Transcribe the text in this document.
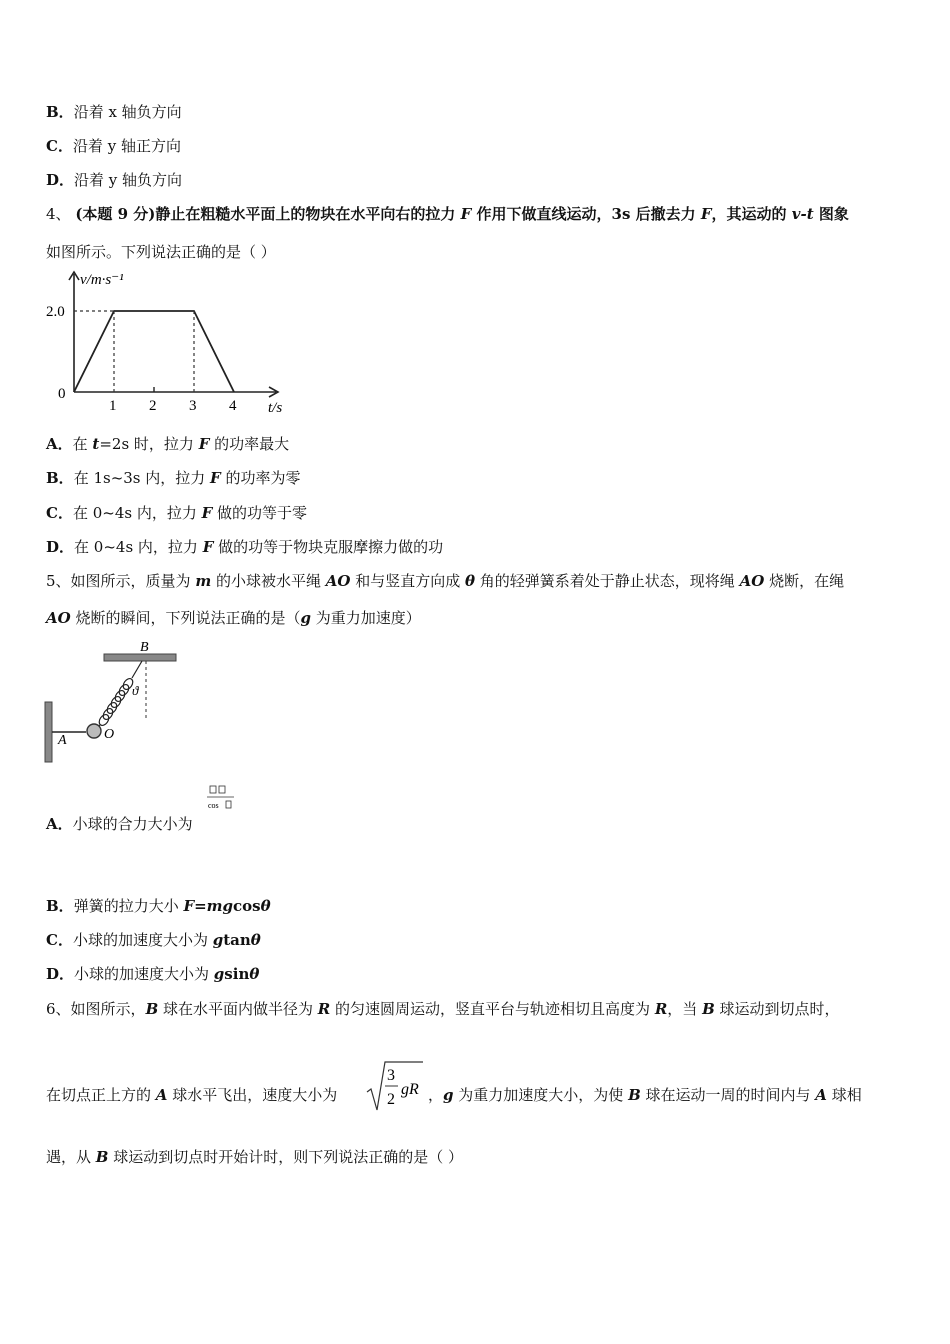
B．沿着 x 轴负方向
C．沿着 y 轴正方向
D．沿着 y 轴负方向
4、 (本题 9 分)静止在粗糙水平面上的物块在水平向右的拉力 F 作用下做直线运动，3s 后撤去力 F，其运动的 v-t 图象
如图所示。下列说法正确的是（ ）
v/m·s⁻¹
2.0
0
1 2 3 4 t/s
A．在 t=2s 时，拉力 F 的功率最大
B．在 1s~3s 内，拉力 F 的功率为零
C．在 0~4s 内，拉力 F 做的功等于零
D．在 0~4s 内，拉力 F 做的功等于物块克服摩擦力做的功
5、如图所示，质量为 m 的小球被水平绳 AO 和与竖直方向成 θ 角的轻弹簧系着处于静止状态，现将绳 AO 烧断，在绳
AO 烧断的瞬间，下列说法正确的是（g 为重力加速度）
B
ϑ
A	O
A．小球的合力大小为
cos
B．弹簧的拉力大小 F=mgcosθ
C．小球的加速度大小为 gtanθ
D．小球的加速度大小为 gsinθ
6、如图所示，B 球在水平面内做半径为 R 的匀速圆周运动，竖直平台与轨迹相切且高度为 R，当 B 球运动到切点时，
在切点正上方的 A 球水平飞出，速度大小为
3
2
gR ，g 为重力加速度大小，为使 B 球在运动一周的时间内与 A 球相
遇，从 B 球运动到切点时开始计时，则下列说法正确的是（ ）
